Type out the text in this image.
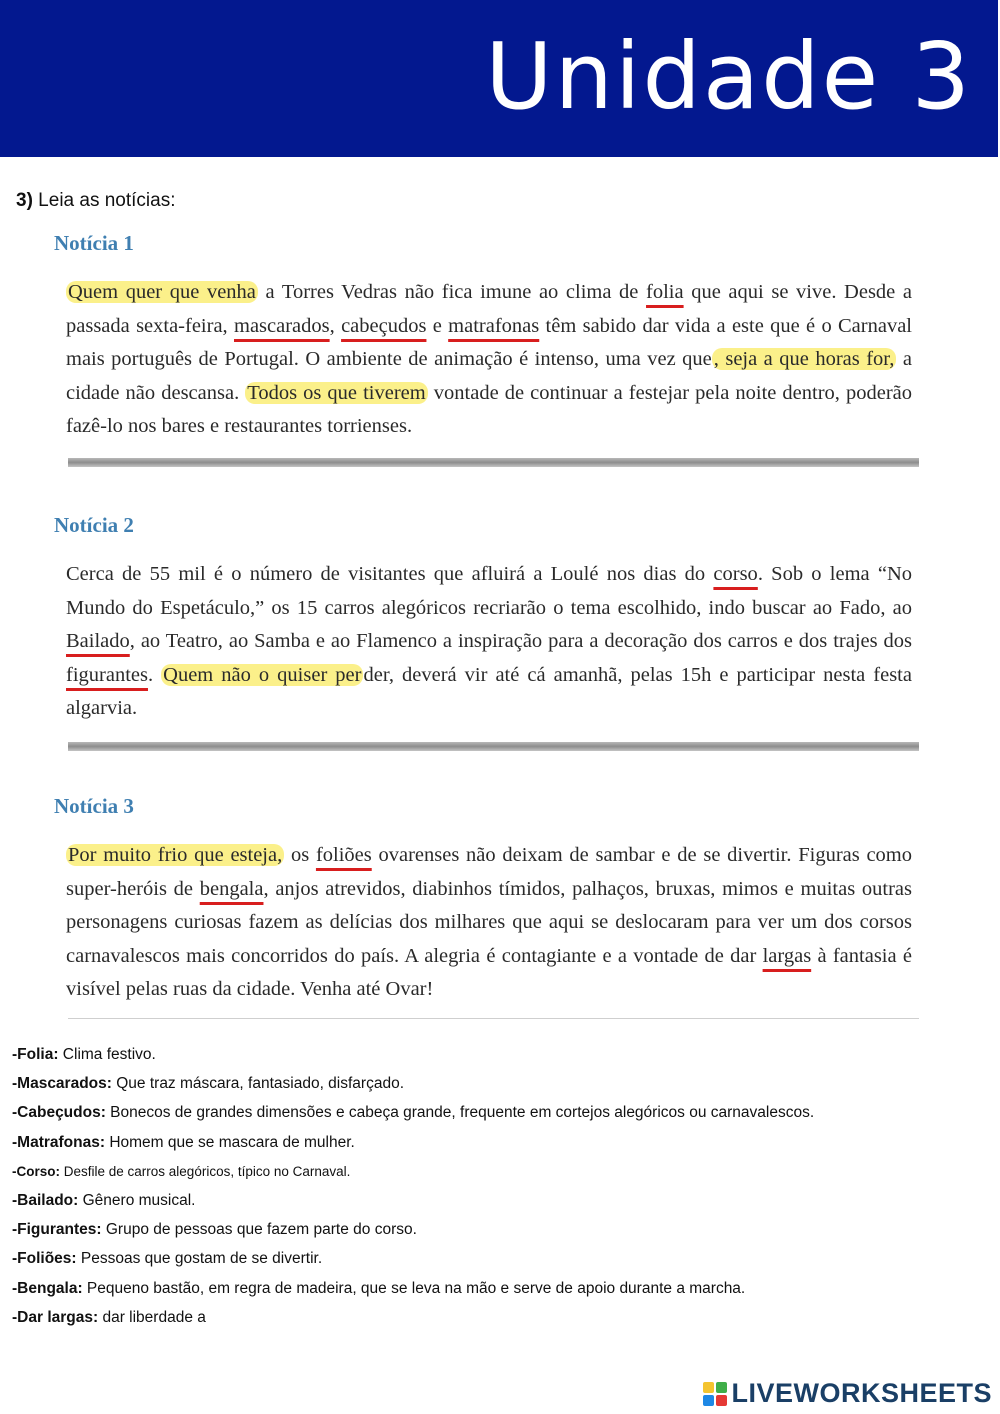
Unidade 3
3) Leia as notícias:
Notícia 1

Quem quer que venha a Torres Vedras não fica imune ao clima de folia que aqui se vive. Desde a passada sexta-feira, mascarados, cabeçudos e matrafonas têm sabido dar vida a este que é o Carnaval mais português de Portugal. O ambiente de animação é intenso, uma vez que, seja a que horas for, a cidade não descansa. Todos os que tiverem vontade de continuar a festejar pela noite dentro, poderão fazê-lo nos bares e restaurantes torrienses.

Notícia 2

Cerca de 55 mil é o número de visitantes que afluirá a Loulé nos dias do corso. Sob o lema “No Mundo do Espetáculo,” os 15 carros alegóricos recriarão o tema escolhido, indo buscar ao Fado, ao Bailado, ao Teatro, ao Samba e ao Flamenco a inspiração para a decoração dos carros e dos trajes dos figurantes. Quem não o quiser perder, deverá vir até cá amanhã, pelas 15h e participar nesta festa algarvia.

Notícia 3

Por muito frio que esteja, os foliões ovarenses não deixam de sambar e de se divertir. Figuras como super-heróis de bengala, anjos atrevidos, diabinhos tímidos, palhaços, bruxas, mimos e muitas outras personagens curiosas fazem as delícias dos milhares que aqui se deslocaram para ver um dos corsos carnavalescos mais concorridos do país. A alegria é contagiante e a vontade de dar largas à fantasia é visível pelas ruas da cidade. Venha até Ovar!

-Folia: Clima festivo.
-Mascarados: Que traz máscara, fantasiado, disfarçado.
-Cabeçudos: Bonecos de grandes dimensões e cabeça grande, frequente em cortejos alegóricos ou carnavalescos.
-Matrafonas: Homem que se mascara de mulher.
-Corso: Desfile de carros alegóricos, típico no Carnaval.
-Bailado: Gênero musical.
-Figurantes: Grupo de pessoas que fazem parte do corso.
-Foliões: Pessoas que gostam de se divertir.
-Bengala: Pequeno bastão, em regra de madeira, que se leva na mão e serve de apoio durante a marcha.
-Dar largas: dar liberdade a
LIVEWORKSHEETS
